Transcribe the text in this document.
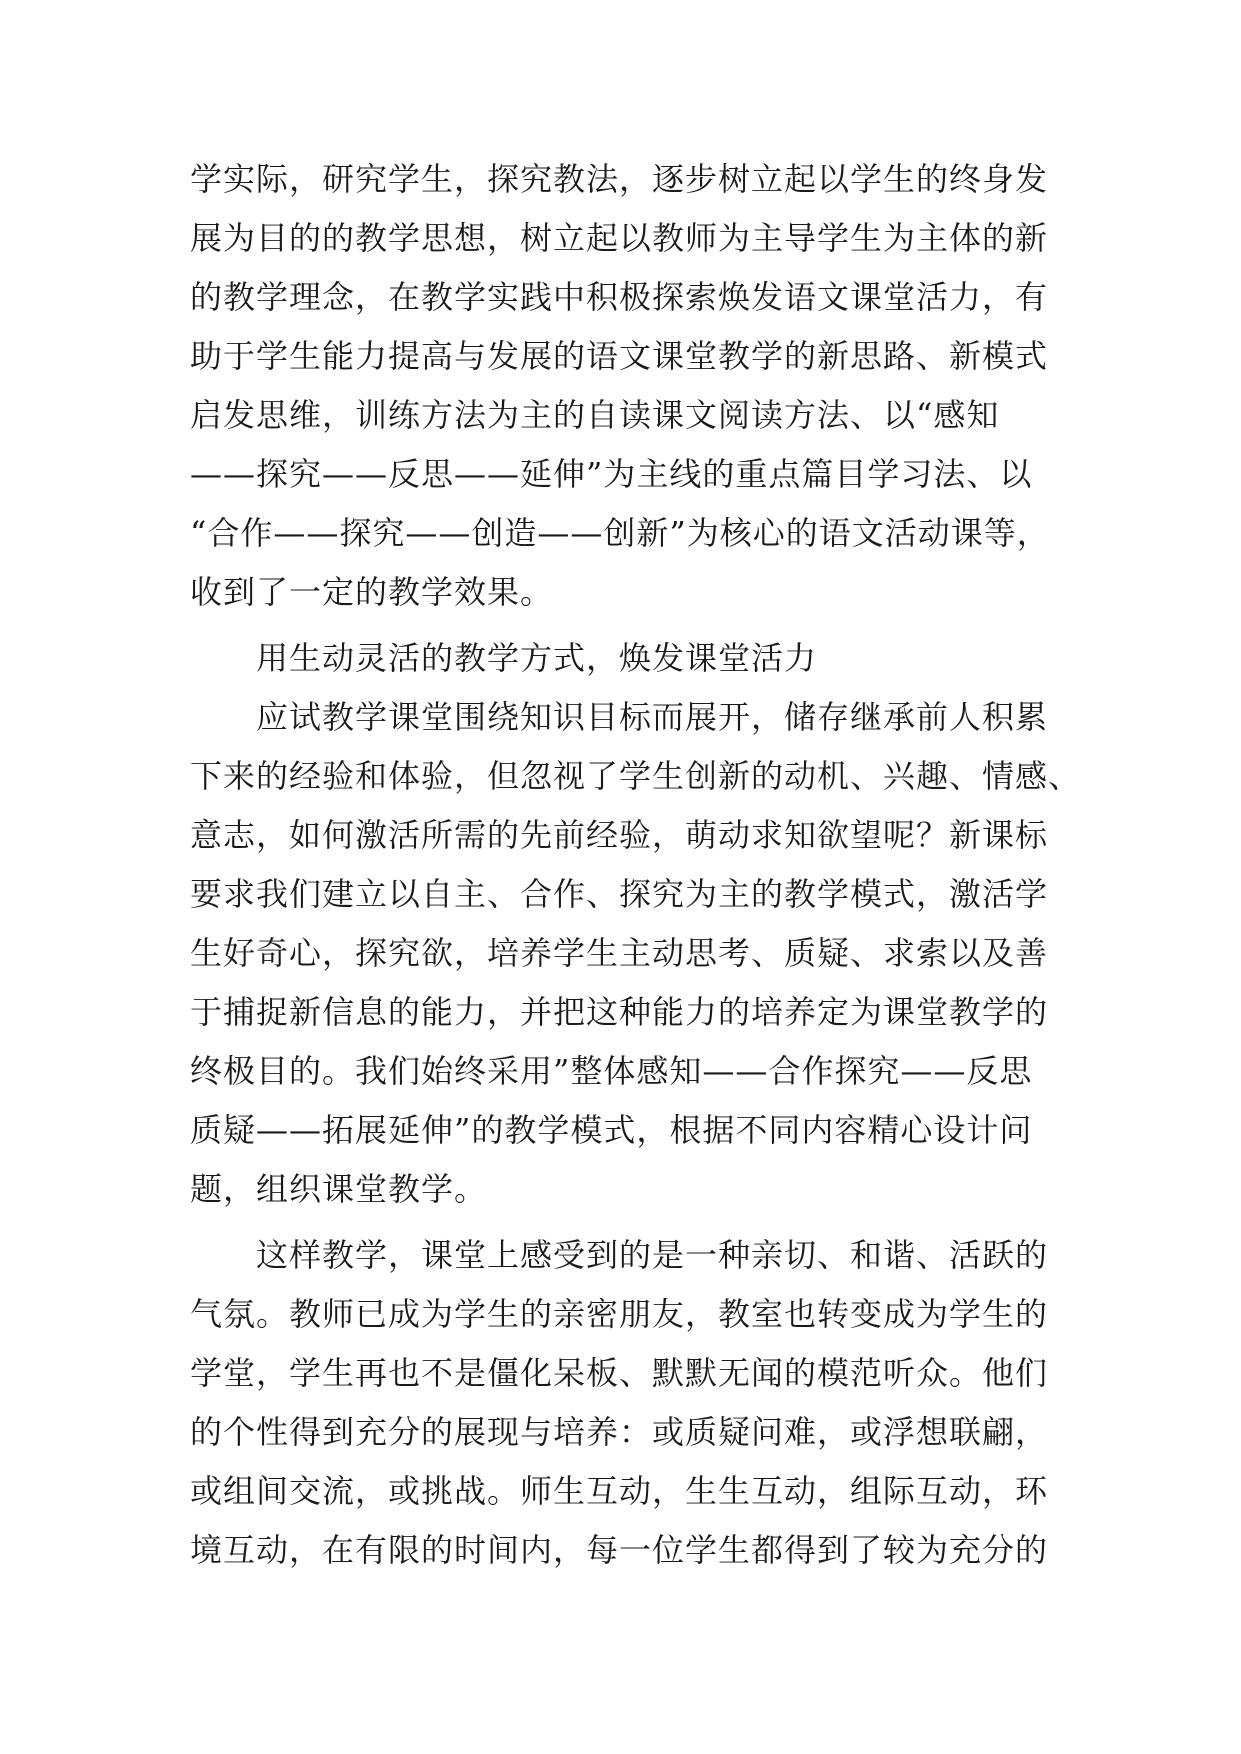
学实际，研究学生，探究教法，逐步树立起以学生的终身发
展为目的的教学思想，树立起以教师为主导学生为主体的新
的教学理念，在教学实践中积极探索焕发语文课堂活力，有
助于学生能力提高与发展的语文课堂教学的新思路、新模式
启发思维，训练方法为主的自读课文阅读方法、以“感知
——探究——反思——延伸”为主线的重点篇目学习法、以
“合作——探究——创造——创新”为核心的语文活动课等，
收到了一定的教学效果。

用生动灵活的教学方式，焕发课堂活力

应试教学课堂围绕知识目标而展开，储存继承前人积累
下来的经验和体验，但忽视了学生创新的动机、兴趣、情感、
意志，如何激活所需的先前经验，萌动求知欲望呢？新课标
要求我们建立以自主、合作、探究为主的教学模式，激活学
生好奇心，探究欲，培养学生主动思考、质疑、求索以及善
于捕捉新信息的能力，并把这种能力的培养定为课堂教学的
终极目的。我们始终采用”整体感知——合作探究——反思
质疑——拓展延伸”的教学模式，根据不同内容精心设计问
题，组织课堂教学。

这样教学，课堂上感受到的是一种亲切、和谐、活跃的
气氛。教师已成为学生的亲密朋友，教室也转变成为学生的
学堂，学生再也不是僵化呆板、默默无闻的模范听众。他们
的个性得到充分的展现与培养：或质疑问难，或浮想联翩，
或组间交流，或挑战。师生互动，生生互动，组际互动，环
境互动，在有限的时间内，每一位学生都得到了较为充分的
